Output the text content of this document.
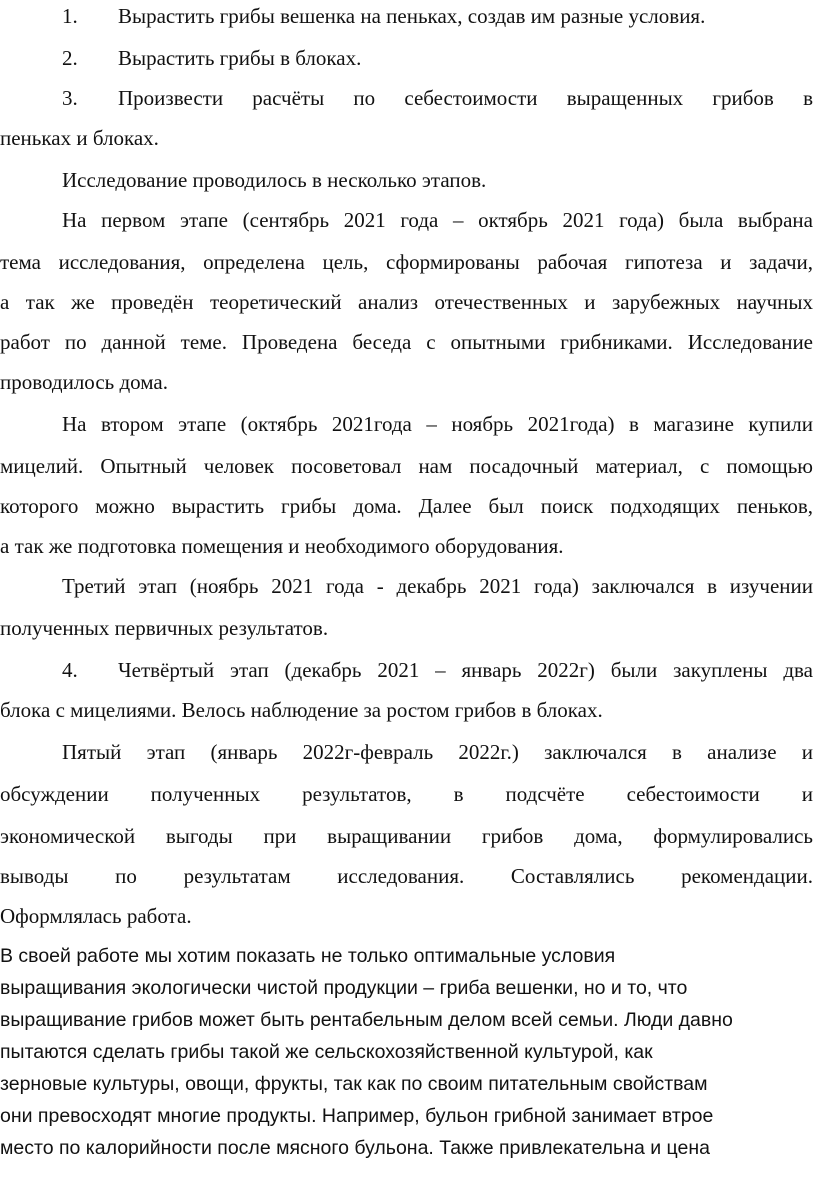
1. Вырастить грибы вешенка на пеньках, создав им разные условия.
2. Вырастить грибы в блоках.
3. Произвести расчёты по себестоимости выращенных грибов в
пеньках и блоках.
Исследование проводилось в несколько этапов.
На первом этапе (сентябрь 2021 года – октябрь 2021 года) была выбрана
тема исследования, определена цель, сформированы рабочая гипотеза и задачи,
а так же проведён теоретический анализ отечественных и зарубежных научных
работ по данной теме. Проведена беседа с опытными грибниками. Исследование
проводилось дома.
На втором этапе (октябрь 2021года – ноябрь 2021года) в магазине купили
мицелий. Опытный человек посоветовал нам посадочный материал, с помощью
которого можно вырастить грибы дома. Далее был поиск подходящих пеньков,
а так же подготовка помещения и необходимого оборудования.
Третий этап (ноябрь 2021 года - декабрь 2021 года) заключался в изучении
полученных первичных результатов.
4. Четвёртый этап (декабрь 2021 – январь 2022г) были закуплены два
блока с мицелиями. Велось наблюдение за ростом грибов в блоках.
Пятый этап (январь 2022г-февраль 2022г.) заключался в анализе и
обсуждении полученных результатов, в подсчёте себестоимости и
экономической выгоды при выращивании грибов дома, формулировались
выводы по результатам исследования. Составлялись рекомендации.
Оформлялась работа.
В своей работе мы хотим показать не только оптимальные условия
выращивания экологически чистой продукции – гриба вешенки, но и то, что
выращивание грибов может быть рентабельным делом всей семьи. Люди давно
пытаются сделать грибы такой же сельскохозяйственной культурой, как
зерновые культуры, овощи, фрукты, так как по своим питательным свойствам
они превосходят многие продукты. Например, бульон грибной занимает втрое
место по калорийности после мясного бульона. Также привлекательна и цена
